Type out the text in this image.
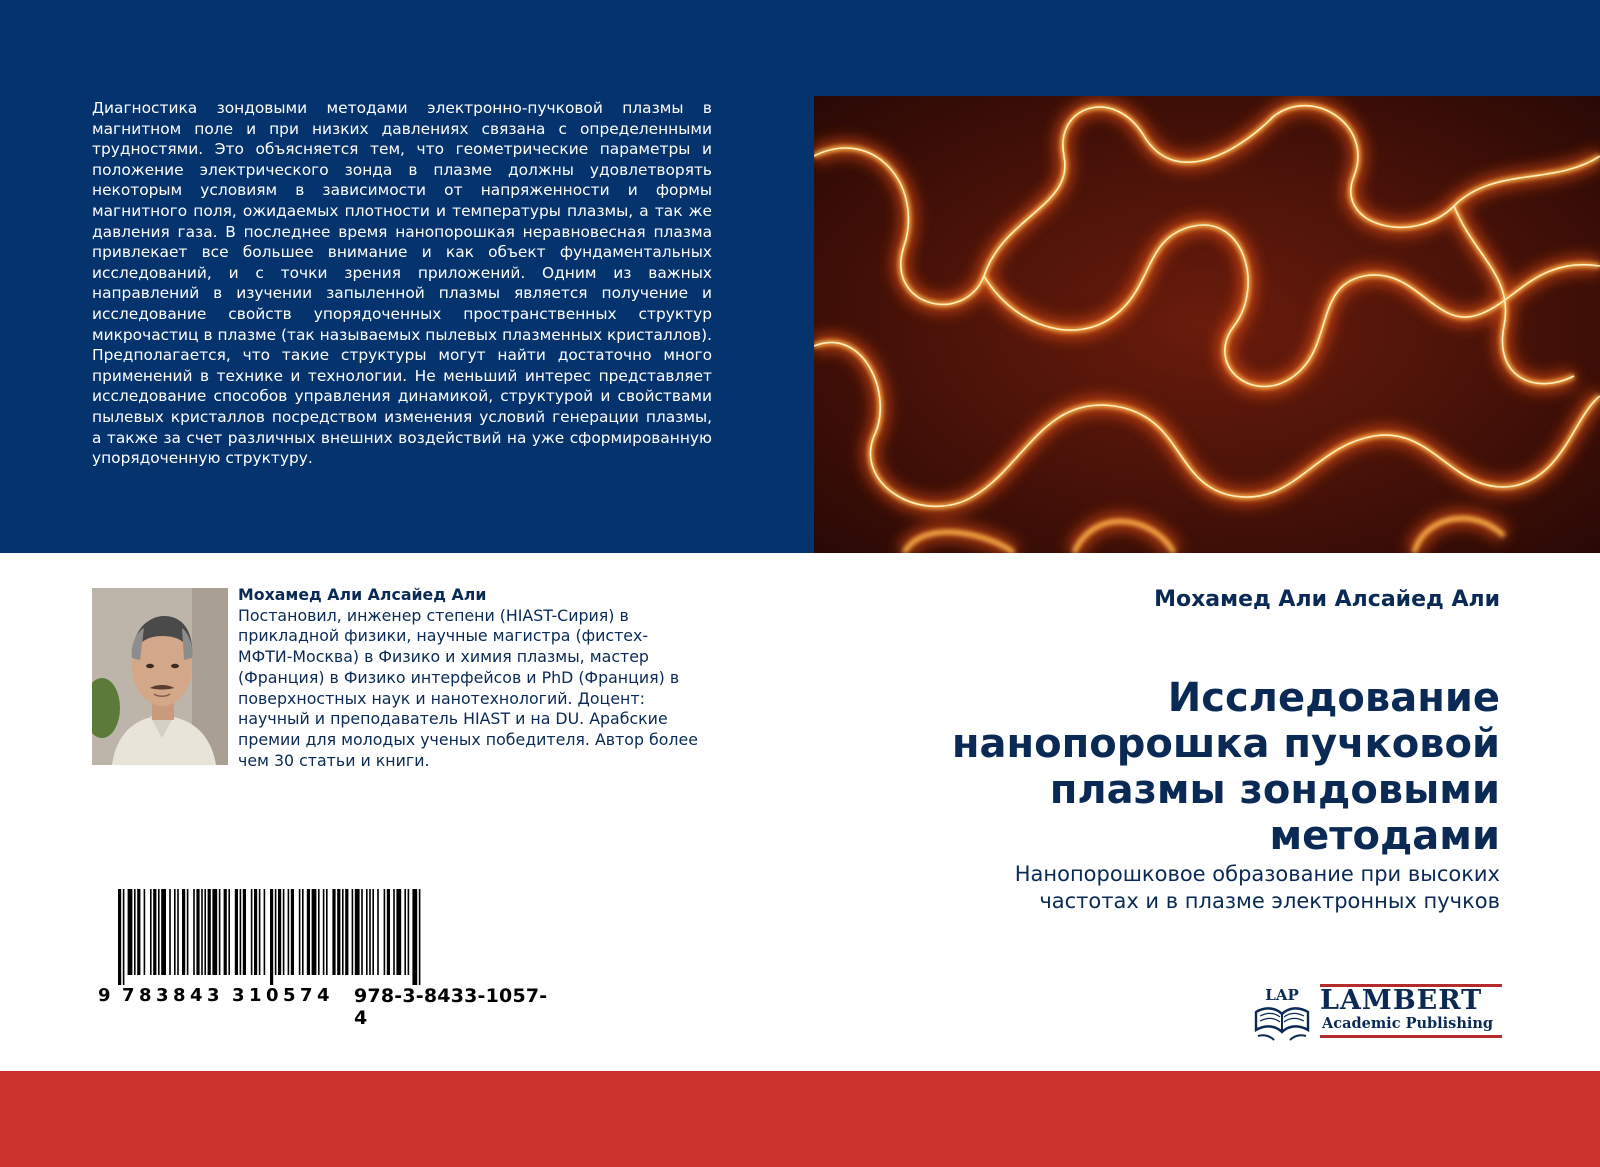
Диагностика зондовыми методами электронно-пучковой плазмы в магнитном поле и при низких давлениях связана с определенными трудностями. Это объясняется тем, что геометрические параметры и положение электрического зонда в плазме должны удовлетворять некоторым условиям в зависимости от напряженности и формы магнитного поля, ожидаемых плотности и температуры плазмы, а так же давления газа. В последнее время нанопорошкая неравновесная плазма привлекает все большее внимание и как объект фундаментальных исследований, и с точки зрения приложений. Одним из важных направлений в изучении запыленной плазмы является получение и исследование свойств упорядоченных пространственных структур микрочастиц в плазме (так называемых пылевых плазменных кристаллов). Предполагается, что такие структуры могут найти достаточно много применений в технике и технологии. Не меньший интерес представляет исследование способов управления динамикой, структурой и свойствами пылевых кристаллов посредством изменения условий генерации плазмы, а также за счет различных внешних воздействий на уже сформированную упорядоченную структуру.
Мохамед Али Алсайед Али
Постановил, инженер степени (HIAST-Сирия) в прикладной физики, научные магистра (фистех-МФТИ-Москва) в Физико и химия плазмы, мастер (Франция) в Физико интерфейсов и PhD (Франция) в поверхностных наук и нанотехнологий. Доцент: научный и преподаватель HIAST и на DU. Арабские премии для молодых ученых победителя. Автор более чем 30 статьи и книги.
9 7 8 3 8 4 3 3 1 0 5 7 4 978-3-8433-1057-4
Мохамед Али Алсайед Али
Исследование
нанопорошка пучковой
плазмы зондовыми
методами
Нанопорошковое образование при высоких
частотах и в плазме электронных пучков
LAP LAMBERT
Academic Publishing
